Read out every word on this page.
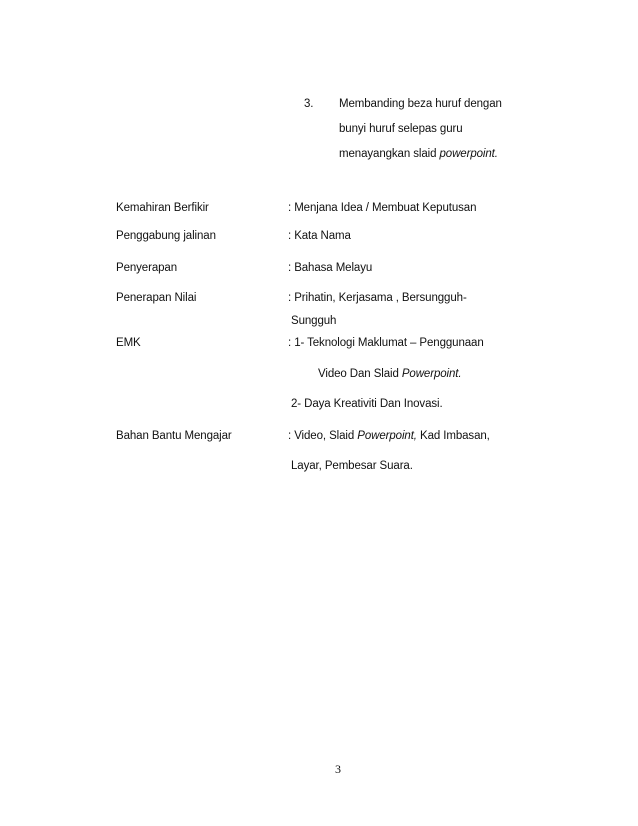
3. Membanding beza huruf dengan
bunyi huruf selepas guru
menayangkan slaid powerpoint.
Kemahiran Berfikir	: Menjana Idea / Membuat Keputusan
Penggabung jalinan	: Kata Nama
Penyerapan	: Bahasa Melayu
Penerapan Nilai	: Prihatin, Kerjasama , Bersungguh-
Sungguh
EMK	: 1- Teknologi Maklumat – Penggunaan
Video Dan Slaid Powerpoint.
2- Daya Kreativiti Dan Inovasi.
Bahan Bantu Mengajar	: Video, Slaid Powerpoint, Kad Imbasan,
Layar, Pembesar Suara.
3
